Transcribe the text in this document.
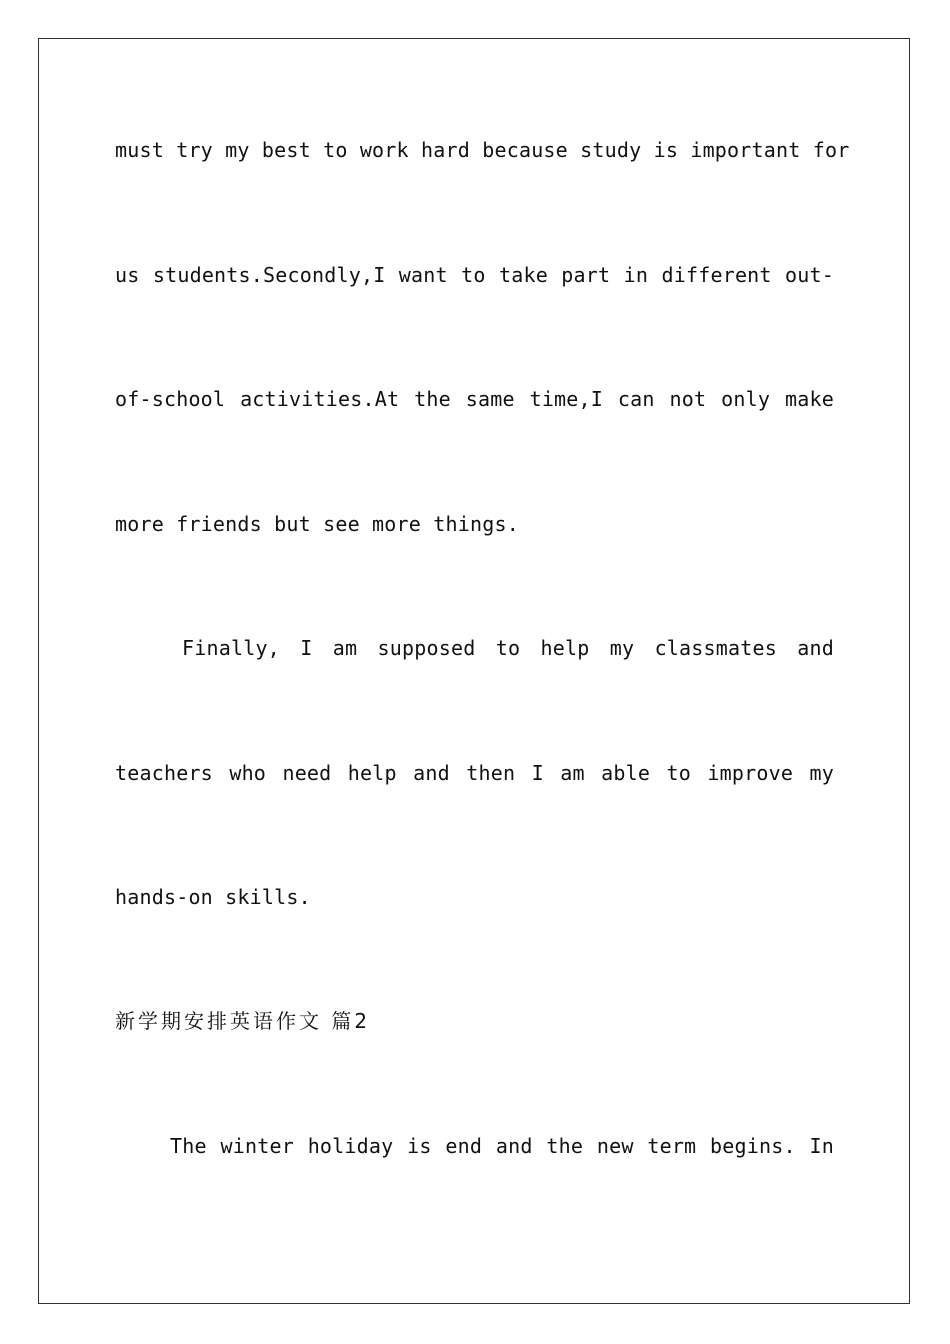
must try my best to work hard because study is important for
us students.Secondly,I want to take part in different out-
of-school activities.At the same time,I can not only make
more friends but see more things.
Finally, I am supposed to help my classmates and
teachers who need help and then I am able to improve my
hands-on skills.
新学期安排英语作文 篇2
The winter holiday is end and the new term begins. In
